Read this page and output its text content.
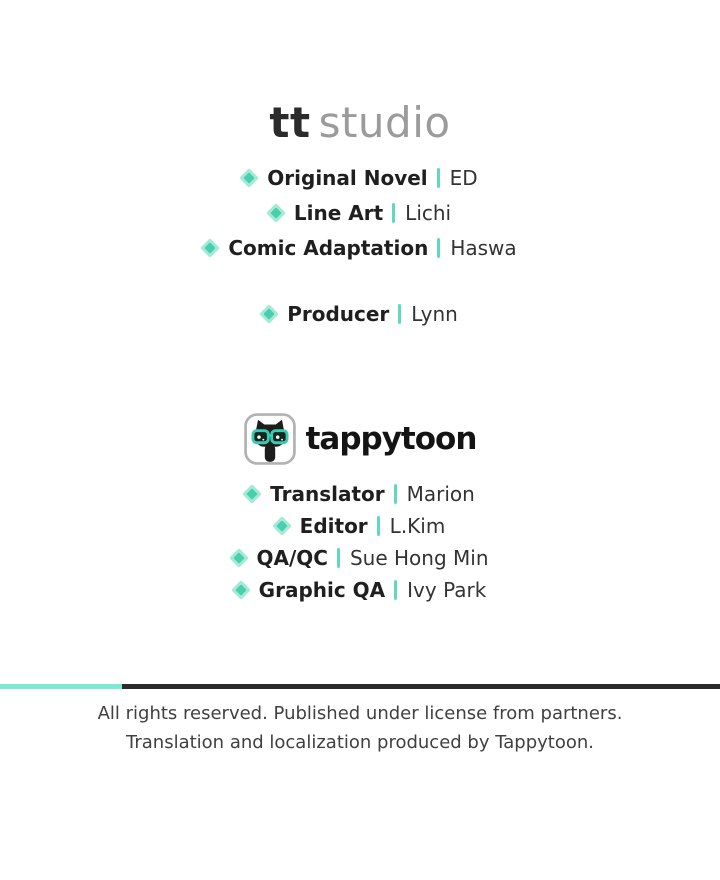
tt studio
Original Novel ED
Line Art Lichi
Comic Adaptation Haswa
Producer Lynn
tappytoon
Translator Marion
Editor L.Kim
QA/QC Sue Hong Min
Graphic QA Ivy Park
All rights reserved. Published under license from partners.
Translation and localization produced by Tappytoon.
